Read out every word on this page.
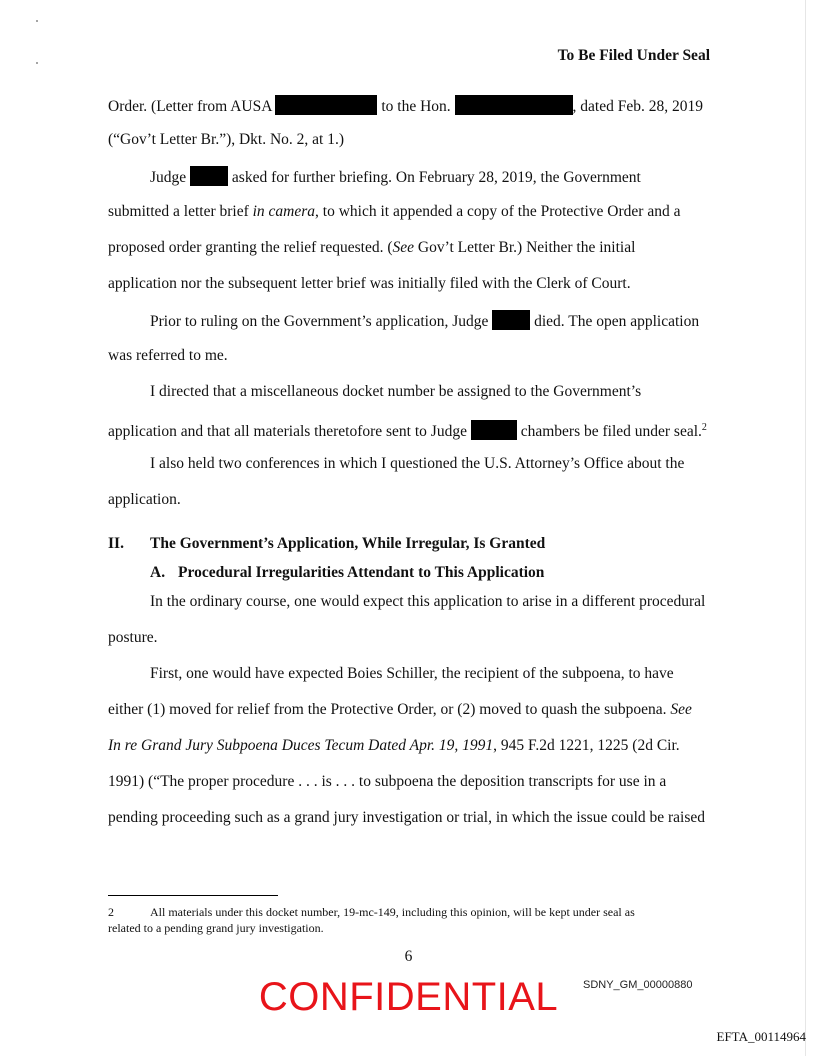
To Be Filed Under Seal
Order. (Letter from AUSA	to the Hon.	, dated Feb. 28, 2019
(“Gov’t Letter Br.”), Dkt. No. 2, at 1.)
Judge  asked for further briefing. On February 28, 2019, the Government
submitted a letter brief in camera, to which it appended a copy of the Protective Order and a
proposed order granting the relief requested. (See Gov’t Letter Br.) Neither the initial
application nor the subsequent letter brief was initially filed with the Clerk of Court.
Prior to ruling on the Government’s application, Judge  died. The open application
was referred to me.
I directed that a miscellaneous docket number be assigned to the Government’s
application and that all materials theretofore sent to Judge	chambers be filed under seal.$^2$
I also held two conferences in which I questioned the U.S. Attorney’s Office about the
application.
II. The Government’s Application, While Irregular, Is Granted
A. Procedural Irregularities Attendant to This Application
In the ordinary course, one would expect this application to arise in a different procedural
posture.
First, one would have expected Boies Schiller, the recipient of the subpoena, to have
either (1) moved for relief from the Protective Order, or (2) moved to quash the subpoena. See
In re Grand Jury Subpoena Duces Tecum Dated Apr. 19, 1991, 945 F.2d 1221, 1225 (2d Cir.
1991) (“The proper procedure . . . is . . . to subpoena the deposition transcripts for use in a
pending proceeding such as a grand jury investigation or trial, in which the issue could be raised
2	All materials under this docket number, 19-mc-149, including this opinion, will be kept under seal as
related to a pending grand jury investigation.
6
CONFIDENTIAL	SDNY_GM_00000880
EFTA_00114964
